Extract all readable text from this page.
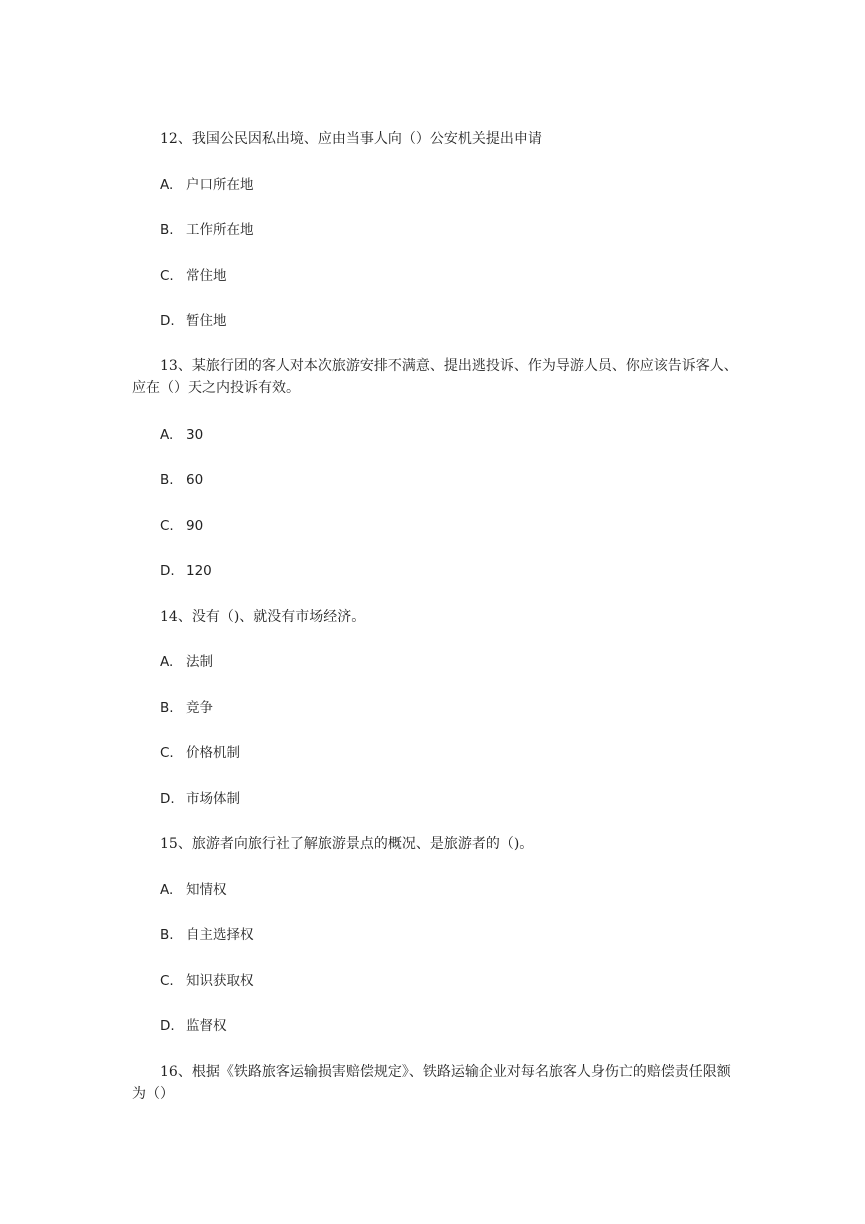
12、我国公民因私出境、应由当事人向（）公安机关提出申请
A. 户口所在地
B. 工作所在地
C. 常住地
D. 暂住地
13、某旅行团的客人对本次旅游安排不满意、提出逃投诉、作为导游人员、你应该告诉客人、应在（）天之内投诉有效。
A. 30
B. 60
C. 90
D. 120
14、没有（)、就没有市场经济。
A. 法制
B. 竞争
C. 价格机制
D. 市场体制
15、旅游者向旅行社了解旅游景点的概况、是旅游者的（)。
A. 知情权
B. 自主选择权
C. 知识获取权
D. 监督权
16、根据《铁路旅客运输损害赔偿规定》、铁路运输企业对每名旅客人身伤亡的赔偿责任限额为（）
